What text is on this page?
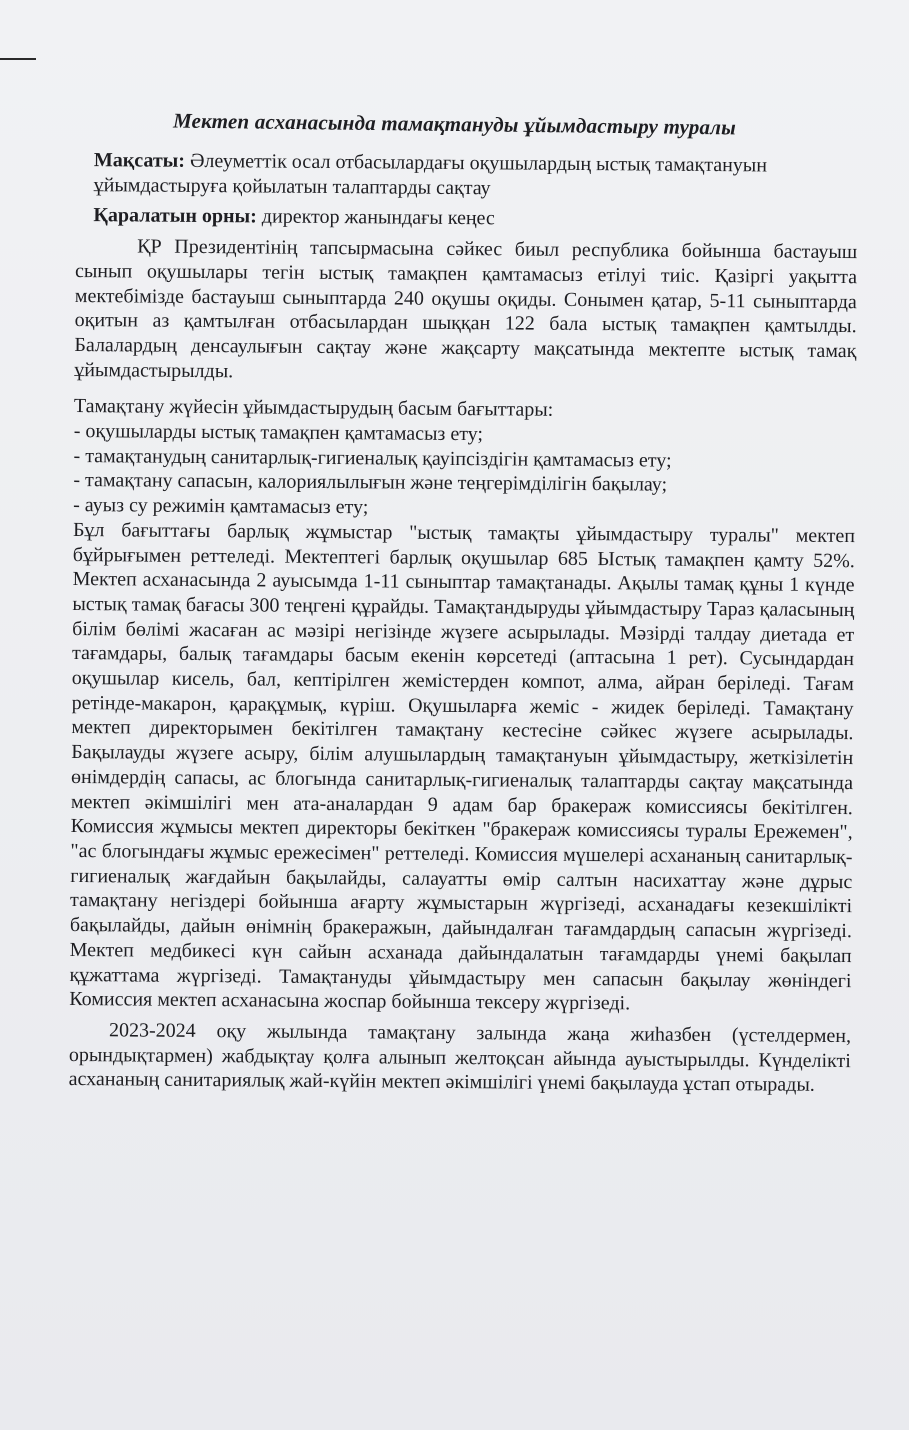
Мектеп асханасында тамақтануды ұйымдастыру туралы

Мақсаты: Әлеуметтік осал отбасылардағы оқушылардың ыстық тамақтануын ұйымдастыруға қойылатын талаптарды сақтау

Қаралатын орны: директор жанындағы кеңес

ҚР Президентінің тапсырмасына сәйкес биыл республика бойынша бастауыш сынып оқушылары тегін ыстық тамақпен қамтамасыз етілуі тиіс. Қазіргі уақытта мектебімізде бастауыш сыныптарда 240 оқушы оқиды. Сонымен қатар, 5-11 сыныптарда оқитын аз қамтылған отбасылардан шыққан 122 бала ыстық тамақпен қамтылды. Балалардың денсаулығын сақтау және жақсарту мақсатында мектепте ыстық тамақ ұйымдастырылды.

Тамақтану жүйесін ұйымдастырудың басым бағыттары:

- оқушыларды ыстық тамақпен қамтамасыз ету;
- тамақтанудың санитарлық-гигиеналық қауіпсіздігін қамтамасыз ету;
- тамақтану сапасын, калориялылығын және теңгерімділігін бақылау;
- ауыз су режимін қамтамасыз ету;

Бұл бағыттағы барлық жұмыстар "ыстық тамақты ұйымдастыру туралы" мектеп бұйрығымен реттеледі. Мектептегі барлық оқушылар 685 Ыстық тамақпен қамту 52%. Мектеп асханасында 2 ауысымда 1-11 сыныптар тамақтанады. Ақылы тамақ құны 1 күнде ыстық тамақ бағасы 300 теңгені құрайды. Тамақтандыруды ұйымдастыру Тараз қаласының білім бөлімі жасаған ас мәзірі негізінде жүзеге асырылады. Мәзірді талдау диетада ет тағамдары, балық тағамдары басым екенін көрсетеді (аптасына 1 рет). Сусындардан оқушылар кисель, бал, кептірілген жемістерден компот, алма, айран беріледі. Тағам ретінде-макарон, қарақұмық, күріш. Оқушыларға жеміс - жидек беріледі. Тамақтану мектеп директорымен бекітілген тамақтану кестесіне сәйкес жүзеге асырылады. Бақылауды жүзеге асыру, білім алушылардың тамақтануын ұйымдастыру, жеткізілетін өнімдердің сапасы, ас блогында санитарлық-гигиеналық талаптарды сақтау мақсатында мектеп әкімшілігі мен ата-аналардан 9 адам бар бракераж комиссиясы бекітілген. Комиссия жұмысы мектеп директоры бекіткен "бракераж комиссиясы туралы Ережемен", "ас блогындағы жұмыс ережесімен" реттеледі. Комиссия мүшелері асхананың санитарлық-гигиеналық жағдайын бақылайды, салауатты өмір салтын насихаттау және дұрыс тамақтану негіздері бойынша ағарту жұмыстарын жүргізеді, асханадағы кезекшілікті бақылайды, дайын өнімнің бракеражын, дайындалған тағамдардың сапасын жүргізеді. Мектеп медбикесі күн сайын асханада дайындалатын тағамдарды үнемі бақылап құжаттама жүргізеді. Тамақтануды ұйымдастыру мен сапасын бақылау жөніндегі Комиссия мектеп асханасына жоспар бойынша тексеру жүргізеді.

2023-2024 оқу жылында тамақтану залында жаңа жиһазбен (үстелдермен, орындықтармен) жабдықтау қолға алынып желтоқсан айында ауыстырылды. Күнделікті асхананың санитариялық жай-күйін мектеп әкімшілігі үнемі бақылауда ұстап отырады.
